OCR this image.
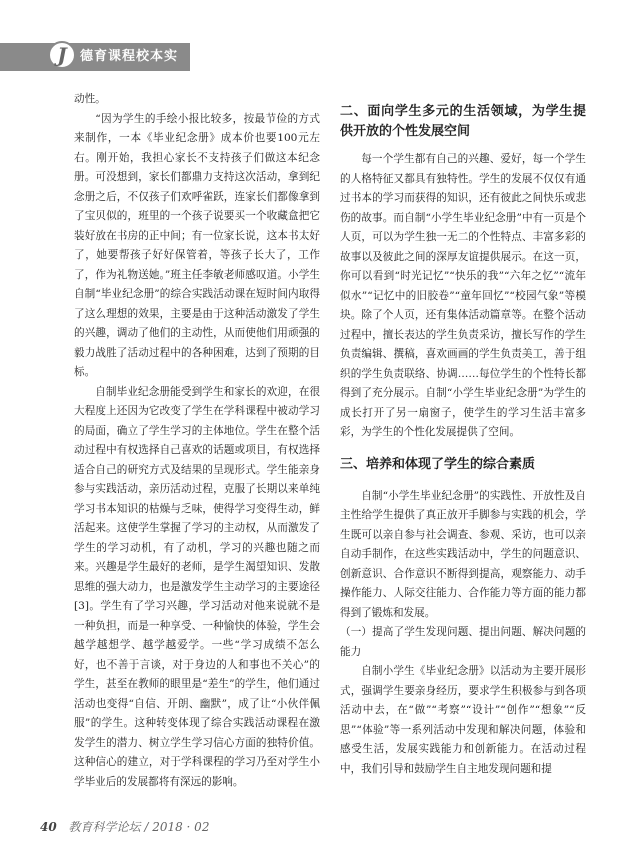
J	德育课程校本实践

动性。

“因为学生的手绘小报比较多，按最节俭的方式来制作，一本《毕业纪念册》成本价也要100元左右。刚开始，我担心家长不支持孩子们做这本纪念册。可没想到，家长们都鼎力支持这次活动，拿到纪念册之后，不仅孩子们欢呼雀跃，连家长们都像拿到了宝贝似的，班里的一个孩子说要买一个收藏盒把它装好放在书房的正中间；有一位家长说，这本书太好了，她要帮孩子好好保管着，等孩子长大了，工作了，作为礼物送她。”班主任李敏老师感叹道。小学生自制“毕业纪念册”的综合实践活动课在短时间内取得了这么理想的效果，主要是由于这种活动激发了学生的兴趣，调动了他们的主动性，从而使他们用顽强的毅力战胜了活动过程中的各种困难，达到了预期的目标。

自制毕业纪念册能受到学生和家长的欢迎，在很大程度上还因为它改变了学生在学科课程中被动学习的局面，确立了学生学习的主体地位。学生在整个活动过程中有权选择自己喜欢的话题或项目，有权选择适合自己的研究方式及结果的呈现形式。学生能亲身参与实践活动，亲历活动过程，克服了长期以来单纯学习书本知识的枯燥与乏味，使得学习变得生动，鲜活起来。这使学生掌握了学习的主动权，从而激发了学生的学习动机，有了动机，学习的兴趣也随之而来。兴趣是学生最好的老师，是学生渴望知识、发散思维的强大动力，也是激发学生主动学习的主要途径[3]。学生有了学习兴趣，学习活动对他来说就不是一种负担，而是一种享受、一种愉快的体验，学生会越学越想学、越学越爱学。一些“学习成绩不怎么好，也不善于言谈，对于身边的人和事也不关心”的学生，甚至在教师的眼里是“差生”的学生，他们通过活动也变得“自信、开朗、幽默”，成了让“小伙伴佩服”的学生。这种转变体现了综合实践活动课程在激发学生的潜力、树立学生学习信心方面的独特价值。这种信心的建立，对于学科课程的学习乃至对学生小学毕业后的发展都将有深远的影响。

二、面向学生多元的生活领域，为学生提供开放的个性发展空间

每一个学生都有自己的兴趣、爱好，每一个学生的人格特征又都具有独特性。学生的发展不仅仅有通过书本的学习而获得的知识，还有彼此之间快乐或悲伤的故事。而自制“小学生毕业纪念册”中有一页是个人页，可以为学生独一无二的个性特点、丰富多彩的故事以及彼此之间的深厚友谊提供展示。在这一页，你可以看到“时光记忆”“快乐的我”“六年之忆”“流年似水”“记忆中的旧胶卷”“童年回忆”“校园气象”等模块。除了个人页，还有集体活动篇章等。在整个活动过程中，擅长表达的学生负责采访，擅长写作的学生负责编辑、撰稿，喜欢画画的学生负责美工，善于组织的学生负责联络、协调……每位学生的个性特长都得到了充分展示。自制“小学生毕业纪念册”为学生的成长打开了另一扇窗子，使学生的学习生活丰富多彩，为学生的个性化发展提供了空间。

三、培养和体现了学生的综合素质

自制“小学生毕业纪念册”的实践性、开放性及自主性给学生提供了真正放开手脚参与实践的机会，学生既可以亲自参与社会调查、参观、采访，也可以亲自动手制作，在这些实践活动中，学生的问题意识、创新意识、合作意识不断得到提高，观察能力、动手操作能力、人际交往能力、合作能力等方面的能力都得到了锻炼和发展。

（一）提高了学生发现问题、提出问题、解决问题的能力

自制小学生《毕业纪念册》以活动为主要开展形式，强调学生要亲身经历，要求学生积极参与到各项活动中去，在“做”“考察”“设计”“创作”“想象”“反思”“体验”等一系列活动中发现和解决问题，体验和感受生活，发展实践能力和创新能力。在活动过程中，我们引导和鼓励学生自主地发现问题和提

40 教育科学论坛 / 2018 · 02
